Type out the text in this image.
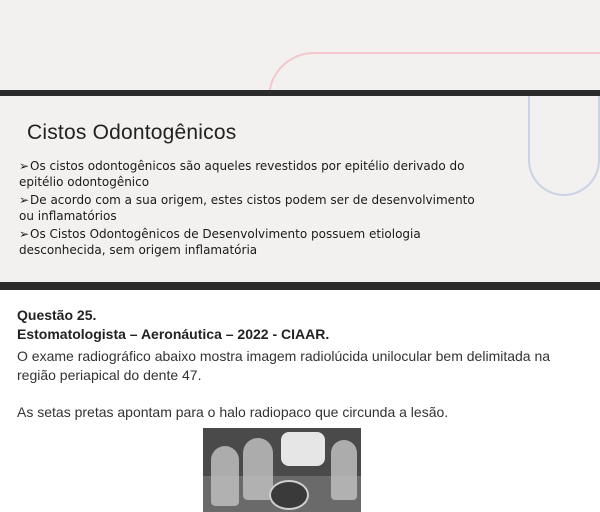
Cistos Odontogênicos
➢Os cistos odontogênicos são aqueles revestidos por epitélio derivado do epitélio odontogênico
➢De acordo com a sua origem, estes cistos podem ser de desenvolvimento ou inflamatórios
➢Os Cistos Odontogênicos de Desenvolvimento possuem etiologia desconhecida, sem origem inflamatória
Questão 25.
Estomatologista – Aeronáutica – 2022 - CIAAR.
O exame radiográfico abaixo mostra imagem radiolúcida unilocular bem delimitada na região periapical do dente 47.
As setas pretas apontam para o halo radiopaco que circunda a lesão.
